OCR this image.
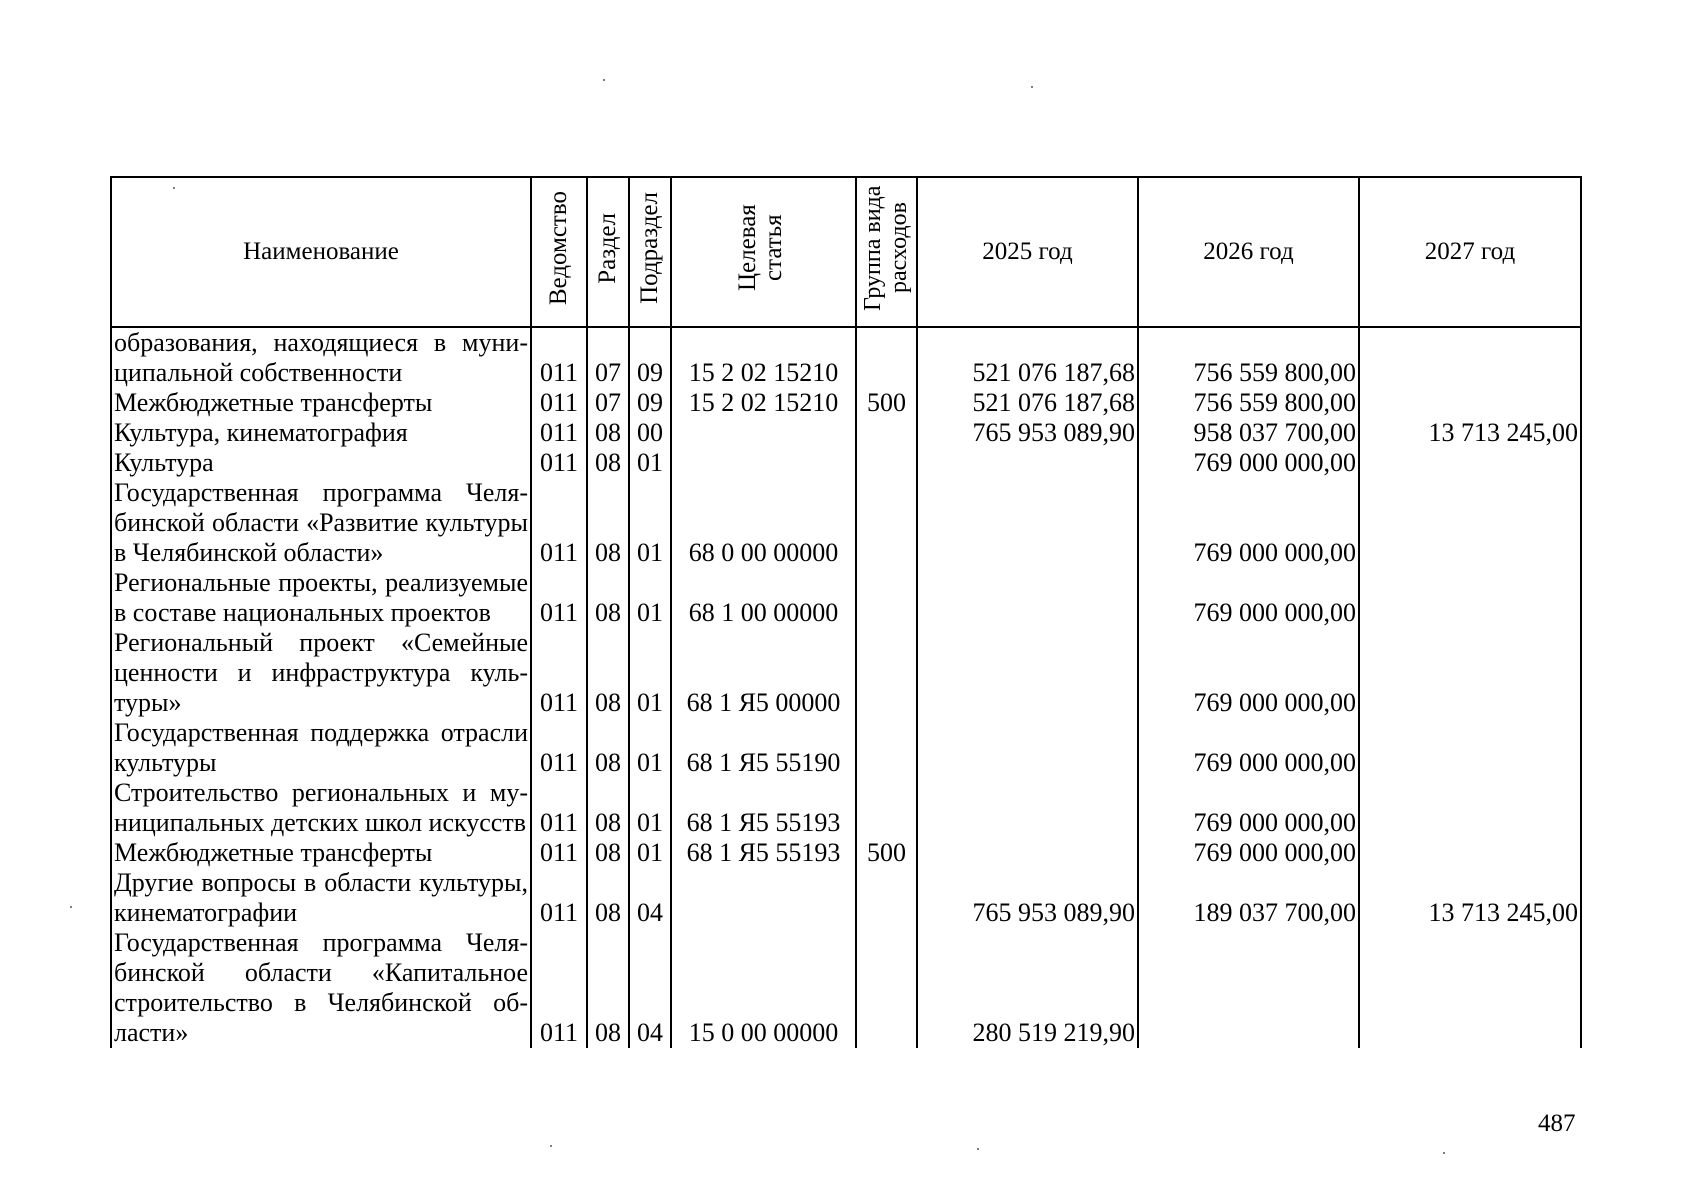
Наименование	Ведомство	Раздел	Подраздел	Целевая статья	Группа вида расходов	2025 год	2026 год	2027 год
образования, находящиеся в муниципальной собственности	011	07	09	15 2 02 15210		521 076 187,68	756 559 800,00	
Межбюджетные трансферты	011	07	09	15 2 02 15210	500	521 076 187,68	756 559 800,00	
Культура, кинематография	011	08	00			765 953 089,90	958 037 700,00	13 713 245,00
Культура	011	08	01				769 000 000,00	
Государственная программа Челябинской области «Развитие культуры в Челябинской области»	011	08	01	68 0 00 00000			769 000 000,00	
Региональные проекты, реализуемые в составе национальных проектов	011	08	01	68 1 00 00000			769 000 000,00	
Региональный проект «Семейные ценности и инфраструктура культуры»	011	08	01	68 1 Я5 00000			769 000 000,00	
Государственная поддержка отрасли культуры	011	08	01	68 1 Я5 55190			769 000 000,00	
Строительство региональных и муниципальных детских школ искусств	011	08	01	68 1 Я5 55193			769 000 000,00	
Межбюджетные трансферты	011	08	01	68 1 Я5 55193	500		769 000 000,00	
Другие вопросы в области культуры, кинематографии	011	08	04			765 953 089,90	189 037 700,00	13 713 245,00
Государственная программа Челябинской области «Капитальное строительство в Челябинской области»	011	08	04	15 0 00 00000		280 519 219,90		
487
